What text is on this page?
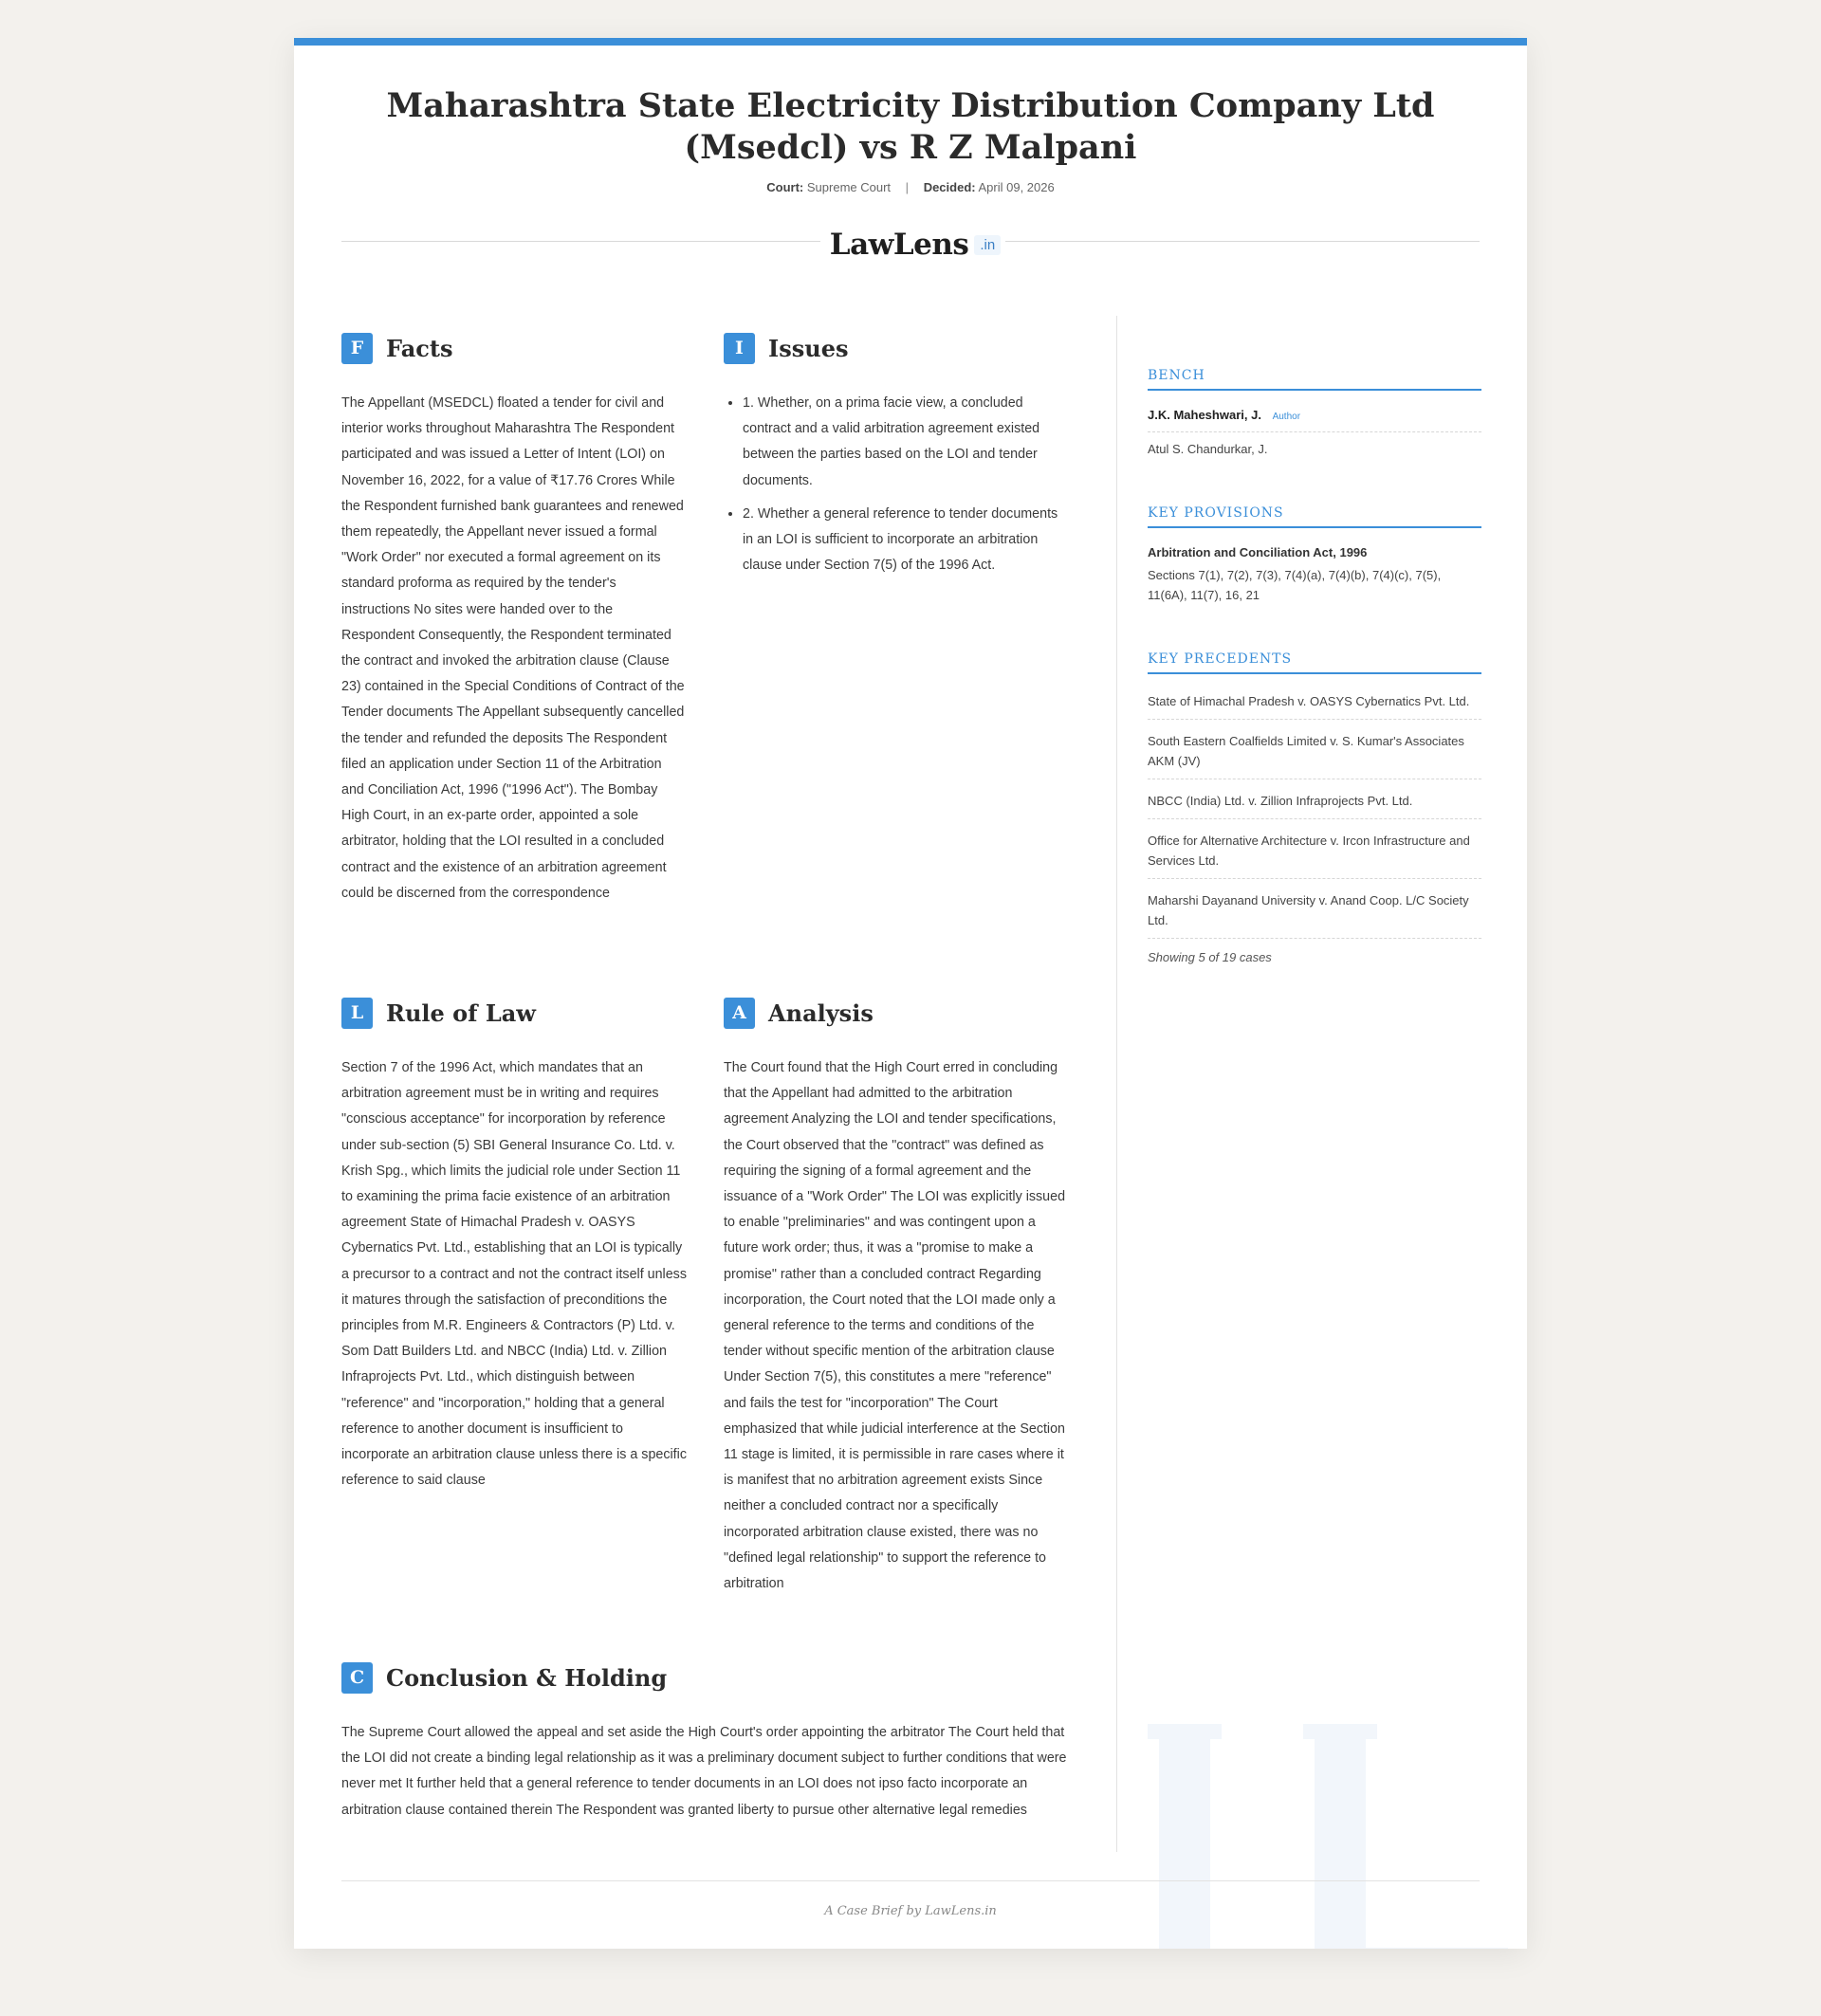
Maharashtra State Electricity Distribution Company Ltd (Msedcl) vs R Z Malpani
Court: Supreme Court | Decided: April 09, 2026
LawLens .in
F Facts

The Appellant (MSEDCL) floated a tender for civil and interior works throughout Maharashtra The Respondent participated and was issued a Letter of Intent (LOI) on November 16, 2022, for a value of ₹17.76 Crores While the Respondent furnished bank guarantees and renewed them repeatedly, the Appellant never issued a formal "Work Order" nor executed a formal agreement on its standard proforma as required by the tender's instructions No sites were handed over to the Respondent Consequently, the Respondent terminated the contract and invoked the arbitration clause (Clause 23) contained in the Special Conditions of Contract of the Tender documents The Appellant subsequently cancelled the tender and refunded the deposits The Respondent filed an application under Section 11 of the Arbitration and Conciliation Act, 1996 ("1996 Act"). The Bombay High Court, in an ex-parte order, appointed a sole arbitrator, holding that the LOI resulted in a concluded contract and the existence of an arbitration agreement could be discerned from the correspondence

I	Issues
• 1. Whether, on a prima facie view, a concluded contract and a valid arbitration agreement existed between the parties based on the LOI and tender documents.
• 2. Whether a general reference to tender documents in an LOI is sufficient to incorporate an arbitration clause under Section 7(5) of the 1996 Act.
L Rule of Law

Section 7 of the 1996 Act, which mandates that an arbitration agreement must be in writing and requires "conscious acceptance" for incorporation by reference under sub-section (5) SBI General Insurance Co. Ltd. v. Krish Spg., which limits the judicial role under Section 11 to examining the prima facie existence of an arbitration agreement State of Himachal Pradesh v. OASYS Cybernatics Pvt. Ltd., establishing that an LOI is typically a precursor to a contract and not the contract itself unless it matures through the satisfaction of preconditions the principles from M.R. Engineers & Contractors (P) Ltd. v. Som Datt Builders Ltd. and NBCC (India) Ltd. v. Zillion Infraprojects Pvt. Ltd., which distinguish between "reference" and "incorporation," holding that a general reference to another document is insufficient to incorporate an arbitration clause unless there is a specific reference to said clause

A Analysis

The Court found that the High Court erred in concluding that the Appellant had admitted to the arbitration agreement Analyzing the LOI and tender specifications, the Court observed that the "contract" was defined as requiring the signing of a formal agreement and the issuance of a "Work Order" The LOI was explicitly issued to enable "preliminaries" and was contingent upon a future work order; thus, it was a "promise to make a promise" rather than a concluded contract Regarding incorporation, the Court noted that the LOI made only a general reference to the terms and conditions of the tender without specific mention of the arbitration clause Under Section 7(5), this constitutes a mere "reference" and fails the test for "incorporation" The Court emphasized that while judicial interference at the Section 11 stage is limited, it is permissible in rare cases where it is manifest that no arbitration agreement exists Since neither a concluded contract nor a specifically incorporated arbitration clause existed, there was no "defined legal relationship" to support the reference to arbitration

C Conclusion & Holding

The Supreme Court allowed the appeal and set aside the High Court's order appointing the arbitrator The Court held that the LOI did not create a binding legal relationship as it was a preliminary document subject to further conditions that were never met It further held that a general reference to tender documents in an LOI does not ipso facto incorporate an arbitration clause contained therein The Respondent was granted liberty to pursue other alternative legal remedies

BENCH
J.K. Maheshwari, J. Author
Atul S. Chandurkar, J.
KEY PROVISIONS
Arbitration and Conciliation Act, 1996
Sections 7(1), 7(2), 7(3), 7(4)(a), 7(4)(b), 7(4)(c), 7(5), 11(6A), 11(7), 16, 21
KEY PRECEDENTS
State of Himachal Pradesh v. OASYS Cybernatics Pvt. Ltd.
South Eastern Coalfields Limited v. S. Kumar's Associates AKM (JV)
NBCC (India) Ltd. v. Zillion Infraprojects Pvt. Ltd.
Office for Alternative Architecture v. Ircon Infrastructure and Services Ltd.
Maharshi Dayanand University v. Anand Coop. L/C Society Ltd.
Showing 5 of 19 cases
A Case Brief by LawLens.in
